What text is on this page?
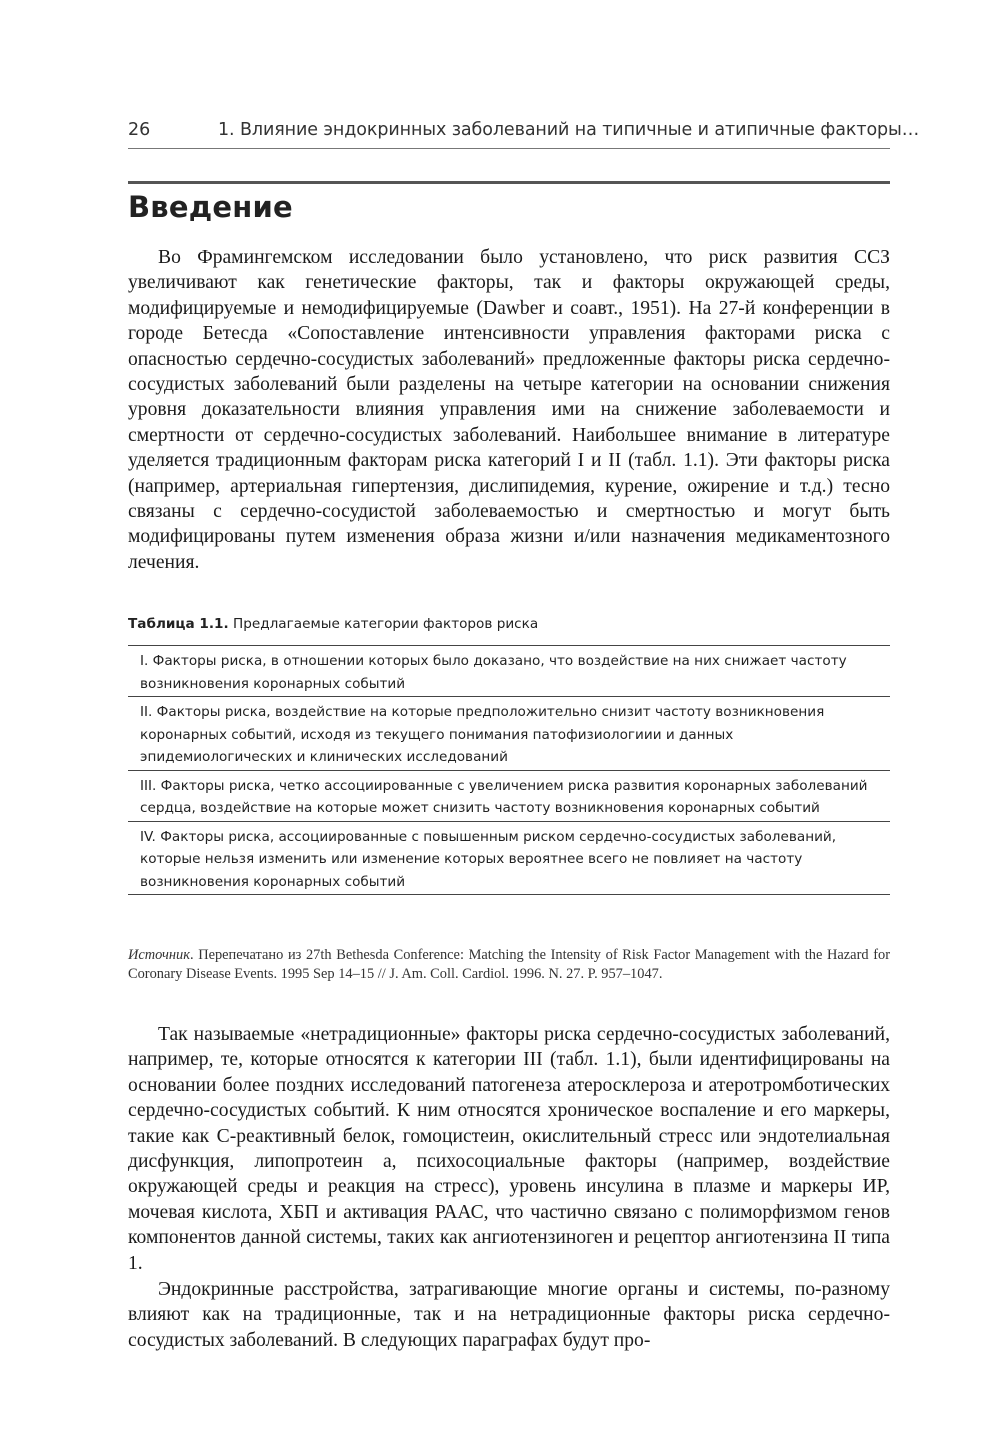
26	1. Влияние эндокринных заболеваний на типичные и атипичные факторы…
Введение

Во Фрамингемском исследовании было установлено, что риск развития ССЗ увеличивают как генетические факторы, так и факторы окружающей среды, модифицируемые и немодифицируемые (Dawber и соавт., 1951). На 27-й конференции в городе Бетесда «Сопоставление интенсивности управления факторами риска с опасностью сердечно-сосудистых заболеваний» предложенные факторы риска сердечно-сосудистых заболеваний были разделены на четыре категории на основании снижения уровня доказательности влияния управления ими на снижение заболеваемости и смертности от сердечно-сосудистых заболеваний. Наибольшее внимание в литературе уделяется традиционным факторам риска категорий I и II (табл. 1.1). Эти факторы риска (например, артериальная гипертензия, дислипидемия, курение, ожирение и т.д.) тесно связаны с сердечно-сосудистой заболеваемостью и смертностью и могут быть модифицированы путем изменения образа жизни и/или назначения медикаментозного лечения.

Таблица 1.1. Предлагаемые категории факторов риска

I. Факторы риска, в отношении которых было доказано, что воздействие на них снижает частоту возникновения коронарных событий
II. Факторы риска, воздействие на которые предположительно снизит частоту возникновения коронарных событий, исходя из текущего понимания патофизиологиии и данных эпидемиологических и клинических исследований
III. Факторы риска, четко ассоциированные с увеличением риска развития коронарных заболеваний сердца, воздействие на которые может снизить частоту возникновения коронарных событий
IV. Факторы риска, ассоциированные с повышенным риском сердечно-сосудистых заболеваний, которые нельзя изменить или изменение которых вероятнее всего не повлияет на частоту возникновения коронарных событий

Источник. Перепечатано из 27th Bethesda Conference: Matching the Intensity of Risk Factor Management with the Hazard for Coronary Disease Events. 1995 Sep 14–15 // J. Am. Coll. Cardiol. 1996. N. 27. P. 957–1047.

Так называемые «нетрадиционные» факторы риска сердечно-сосудистых заболеваний, например, те, которые относятся к категории III (табл. 1.1), были идентифицированы на основании более поздних исследований патогенеза атеросклероза и атеротромботических сердечно-сосудистых событий. К ним относятся хроническое воспаление и его маркеры, такие как С-реактивный белок, гомоцистеин, окислительный стресс или эндотелиальная дисфункция, липопротеин a, психосоциальные факторы (например, воздействие окружающей среды и реакция на стресс), уровень инсулина в плазме и маркеры ИР, мочевая кислота, ХБП и активация РААС, что частично связано с полиморфизмом генов компонентов данной системы, таких как ангиотензиноген и рецептор ангиотензина II типа 1.

Эндокринные расстройства, затрагивающие многие органы и системы, по-разному влияют как на традиционные, так и на нетрадиционные факторы риска сердечно-сосудистых заболеваний. В следующих параграфах будут про-
